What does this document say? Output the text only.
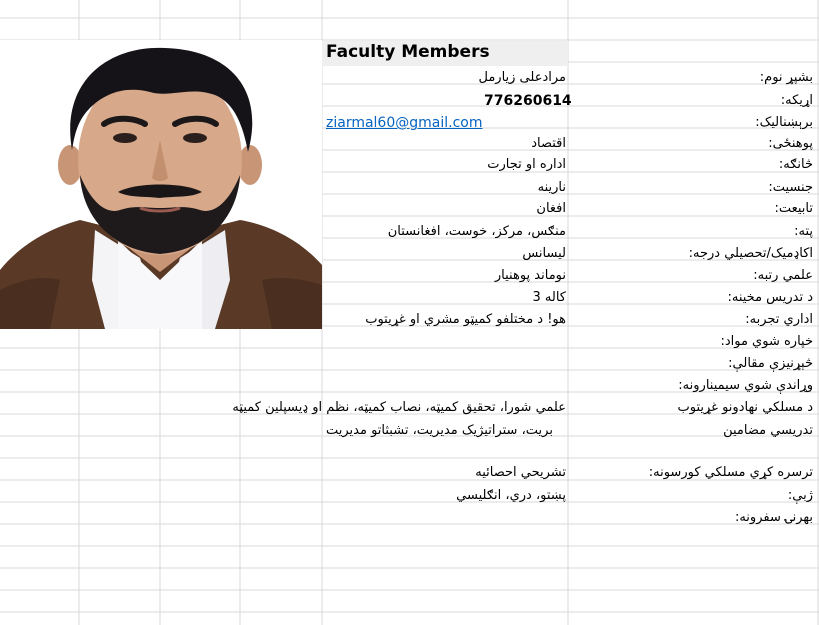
Faculty Members
بشپړ نوم:
اړیکه:
برېښنالیک:
پوهنځی:
څانګه:
جنسیت:
تابیعت:
پته:
اکاډمیک/تحصیلي درجه:
علمي رتبه:
د تدریس مخینه:
اداري تجربه:
خپاره شوي مواد:
څېړنیزې مقالې:
وړاندې شوي سیمینارونه:
د مسلکي نهادونو غړیتوب
تدریسي مضامین
ترسره کړي مسلکي کورسونه:
ژبې:
بهرنۍ سفرونه:
مرادعلی زیارمل
776260614
ziarmal60@gmail.com
اقتصاد
اداره او تجارت
نارینه
افغان
منګس، مرکز، خوست، افغانستان
لیسانس
نوماند پوهنیار
کاله 3
هو! د مختلفو کمیټو مشري او غړیتوب
علمي شورا، تحقیق کمیټه، نصاب کمیټه، نظم او ډیسپلین کمیټه
بریت، ستراتیژیک مدیریت، تشبثاتو مدیریت
تشریحي احصائیه
پښتو، دري، انګلیسي
